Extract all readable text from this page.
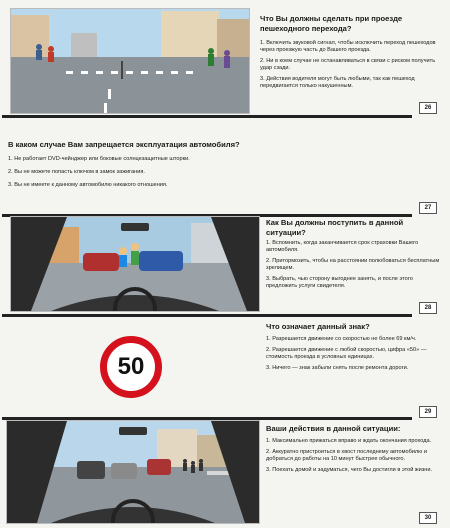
Что Вы должны сделать при проезде пешеходного перехода?

1. Включить звуковой сигнал, чтобы исключить переход пешеходов через проезжую часть до Вашего проезда.

2. Ни в коем случае не останавливаться в связи с риском получить удар сзади.

3. Действия водителя могут быть любыми, так как пешеход передвигается только накушенным.

26
В каком случае Вам запрещается эксплуатация автомобиля?

1. Не работает DVD-чейнджер или боковые солнцезащитные шторки.

2. Вы не можете попасть ключом в замок зажигания.

3. Вы не имеете к данному автомобилю никакого отношения.

27
Как Вы должны поступить в данной ситуации?

1. Вспомнить, когда заканчивается срок страховки Вашего автомобиля.

2. Притормозить, чтобы на расстоянии полюбоваться бесплатным зрелищем.

3. Выбрать, чью сторону выгоднее занять, и после этого предложить услуги свидетеля.

28
50
Что означает данный знак?

1. Разрешается движение со скоростью не более 69 км/ч.

2. Разрешается движение с любой скоростью, цифра «50» — стоимость проезда в условных единицах.

3. Ничего — знак забыли снять после ремонта дороги.

29
Ваши действия в данной ситуации:

1. Максимально прижаться вправо и ждать окончания прохода.

2. Аккуратно пристроиться в хвост последнему автомобилю и добраться до работы на 10 минут быстрее обычного.

3. Поехать домой и задуматься, чего Вы достигли в этой жизни.

30
